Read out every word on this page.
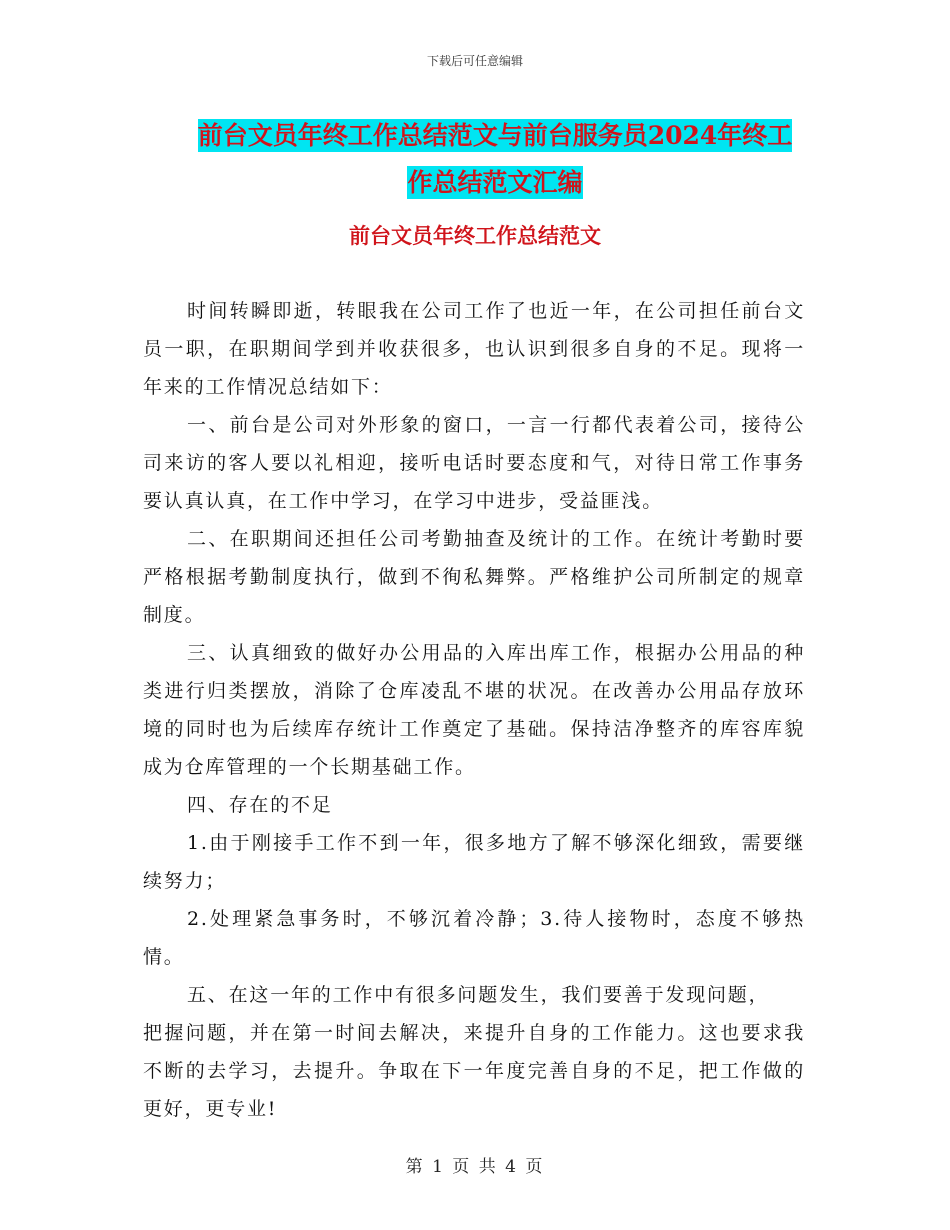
下载后可任意编辑
前台文员年终工作总结范文与前台服务员2024年终工
作总结范文汇编
前台文员年终工作总结范文

时间转瞬即逝，转眼我在公司工作了也近一年，在公司担任前台文员一职，在职期间学到并收获很多，也认识到很多自身的不足。现将一年来的工作情况总结如下：

一、前台是公司对外形象的窗口，一言一行都代表着公司，接待公司来访的客人要以礼相迎，接听电话时要态度和气，对待日常工作事务要认真认真，在工作中学习，在学习中进步，受益匪浅。

二、在职期间还担任公司考勤抽查及统计的工作。在统计考勤时要严格根据考勤制度执行，做到不徇私舞弊。严格维护公司所制定的规章制度。

三、认真细致的做好办公用品的入库出库工作，根据办公用品的种类进行归类摆放，消除了仓库凌乱不堪的状况。在改善办公用品存放环境的同时也为后续库存统计工作奠定了基础。保持洁净整齐的库容库貌成为仓库管理的一个长期基础工作。

四、存在的不足

1.由于刚接手工作不到一年，很多地方了解不够深化细致，需要继续努力；

2.处理紧急事务时，不够沉着冷静；3.待人接物时，态度不够热情。

五、在这一年的工作中有很多问题发生，我们要善于发现问题，

把握问题，并在第一时间去解决，来提升自身的工作能力。这也要求我不断的去学习，去提升。争取在下一年度完善自身的不足，把工作做的更好，更专业!

第 1 页 共 4 页
